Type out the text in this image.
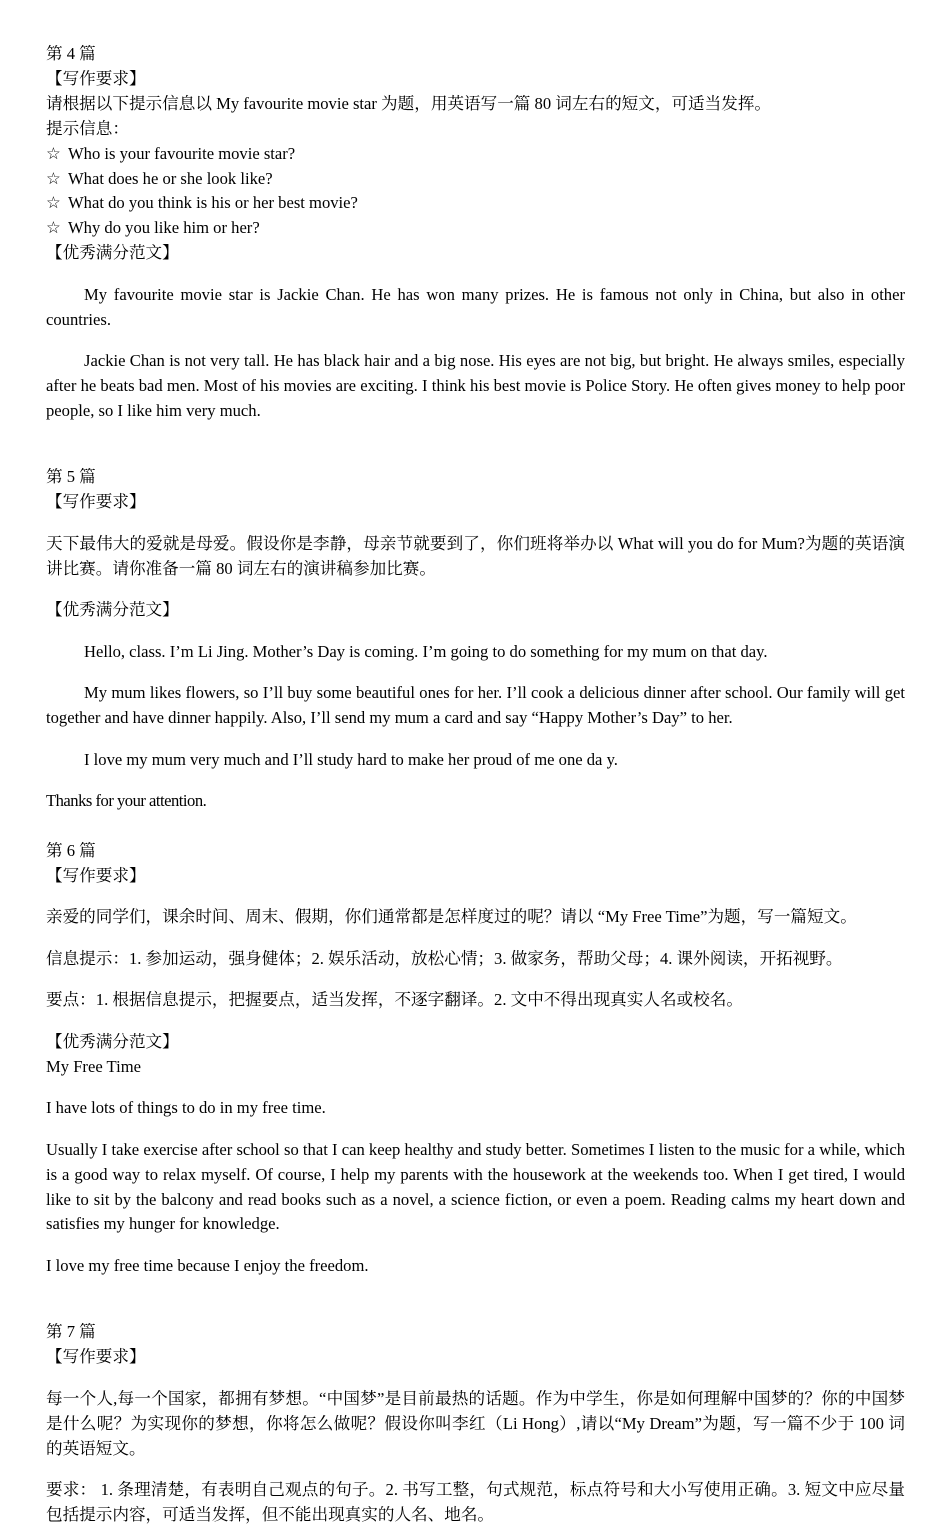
第 4 篇

【写作要求】

请根据以下提示信息以 My favourite movie star 为题，用英语写一篇 80 词左右的短文，可适当发挥。

提示信息：

☆ Who is your favourite movie star?

☆ What does he or she look like?

☆ What do you think is his or her best movie?

☆ Why do you like him or her?

【优秀满分范文】

My favourite movie star is Jackie Chan. He has won many prizes. He is famous not only in China, but also in other countries.

Jackie Chan is not very tall. He has black hair and a big nose. His eyes are not big, but bright. He always smiles, especially after he beats bad men. Most of his movies are exciting. I think his best movie is Police Story. He often gives money to help poor people, so I like him very much.

第 5 篇

【写作要求】

天下最伟大的爱就是母爱。假设你是李静，母亲节就要到了，你们班将举办以 What will you do for Mum?为题的英语演讲比赛。请你准备一篇 80 词左右的演讲稿参加比赛。

【优秀满分范文】

Hello, class. I’m Li Jing. Mother’s Day is coming. I’m going to do something for my mum on that day.

My mum likes flowers, so I’ll buy some beautiful ones for her. I’ll cook a delicious dinner after school. Our family will get together and have dinner happily. Also, I’ll send my mum a card and say “Happy Mother’s Day” to her.

I love my mum very much and I’ll study hard to make her proud of me one da y.

Thanks for your attention.

第 6 篇

【写作要求】

亲爱的同学们，课余时间、周末、假期，你们通常都是怎样度过的呢？请以 “My Free Time”为题，写一篇短文。

信息提示：1. 参加运动，强身健体；2. 娱乐活动，放松心情；3. 做家务，帮助父母；4. 课外阅读，开拓视野。

要点：1. 根据信息提示，把握要点，适当发挥，不逐字翻译。2. 文中不得出现真实人名或校名。

【优秀满分范文】

My Free Time

I have lots of things to do in my free time.

Usually I take exercise after school so that I can keep healthy and study better. Sometimes I listen to the music for a while, which is a good way to relax myself. Of course, I help my parents with the housework at the weekends too. When I get tired, I would like to sit by the balcony and read books such as a novel, a science fiction, or even a poem. Reading calms my heart down and satisfies my hunger for knowledge.

I love my free time because I enjoy the freedom.

第 7 篇

【写作要求】

每一个人,每一个国家，都拥有梦想。“中国梦”是目前最热的话题。作为中学生，你是如何理解中国梦的？你的中国梦是什么呢？为实现你的梦想，你将怎么做呢？假设你叫李红（Li Hong）,请以“My Dream”为题，写一篇不少于 100 词的英语短文。

要求： 1. 条理清楚，有表明自己观点的句子。2. 书写工整，句式规范，标点符号和大小写使用正确。3. 短文中应尽量包括提示内容，可适当发挥，但不能出现真实的人名、地名。
